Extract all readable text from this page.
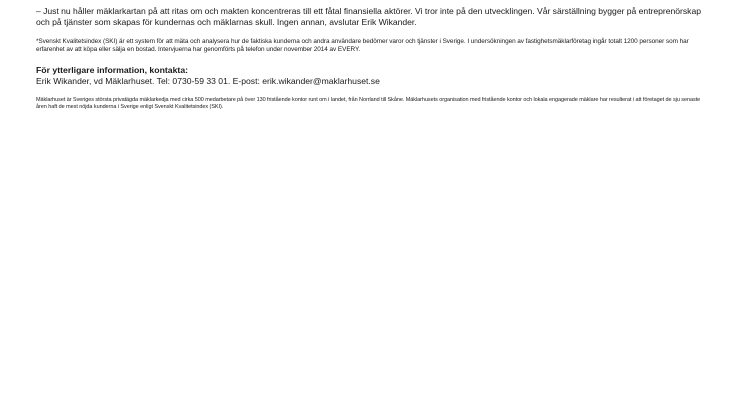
– Just nu håller mäklarkartan på att ritas om och makten koncentreras till ett fåtal finansiella aktörer. Vi tror inte på den utvecklingen. Vår särställning bygger på entreprenörskap och på tjänster som skapas för kundernas och mäklarnas skull. Ingen annan, avslutar Erik Wikander.

*Svenskt Kvalitetsindex (SKI) är ett system för att mäta och analysera hur de faktiska kunderna och andra användare bedömer varor och tjänster i Sverige. I undersökningen av fastighetsmäklarföretag ingår totalt 1200 personer som har erfarenhet av att köpa eller sälja en bostad. Intervjuerna har genomförts på telefon under november 2014 av EVERY.

För ytterligare information, kontakta:

Erik Wikander, vd Mäklarhuset. Tel: 0730-59 33 01. E-post: erik.wikander@maklarhuset.se

Mäklarhuset är Sveriges största privatägda mäklarkedja med cirka 500 medarbetare på över 130 fristående kontor runt om i landet, från Norrland till Skåne. Mäklarhusets organisation med fristående kontor och lokala engagerade mäklare har resulterat i att företaget de sju senaste åren haft de mest nöjda kunderna i Sverige enligt Svenskt Kvalitetsindex (SKI).
